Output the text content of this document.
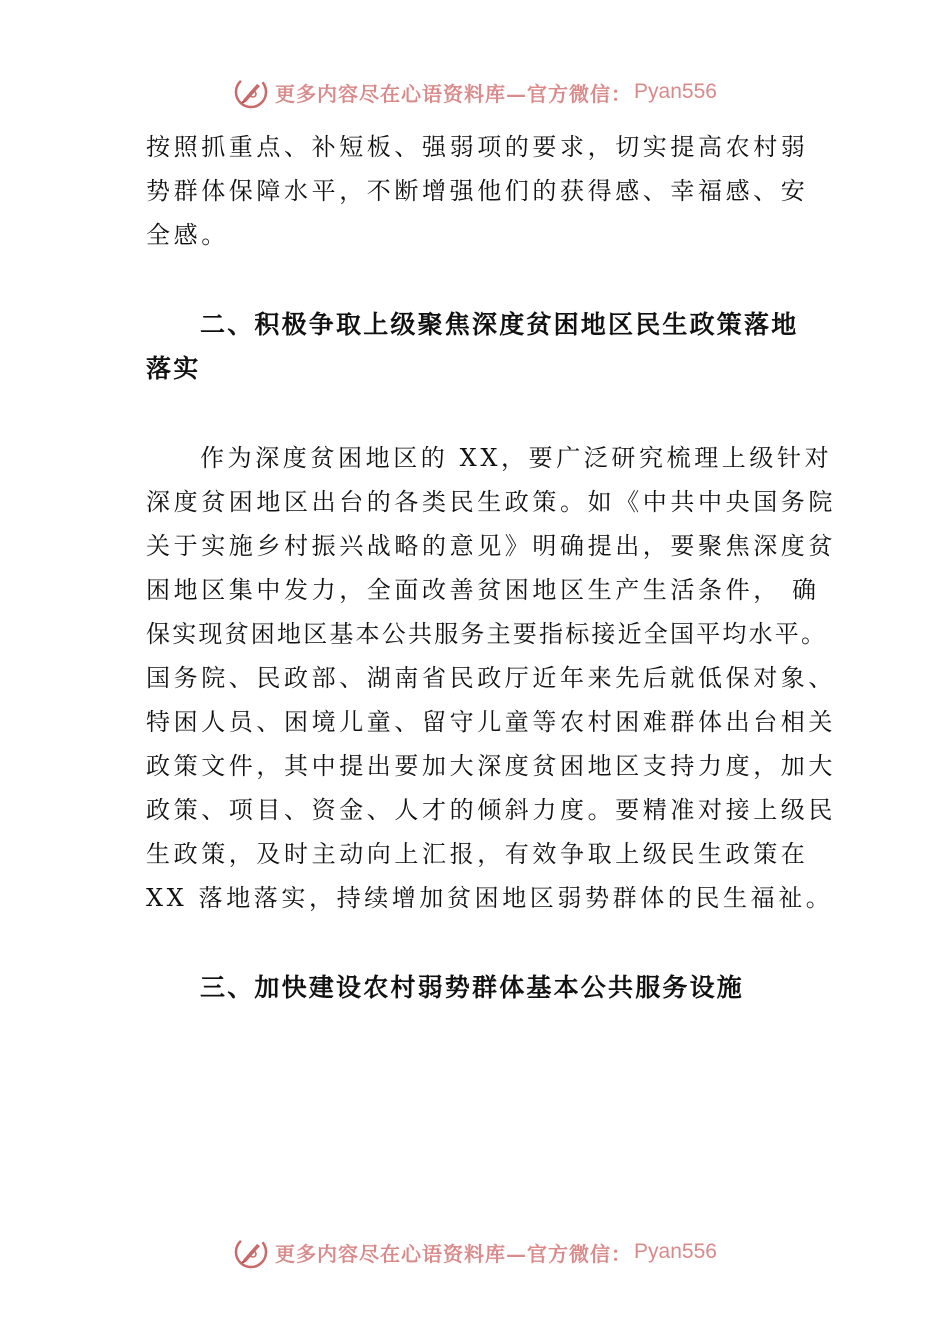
更多内容尽在心语资料库—官方微信： Pyan556
按照抓重点、补短板、强弱项的要求，切实提高农村弱
势群体保障水平，不断增强他们的获得感、幸福感、安
全感。
二、积极争取上级聚焦深度贫困地区民生政策落地
落实
作为深度贫困地区的 XX，要广泛研究梳理上级针对
深度贫困地区出台的各类民生政策。如《中共中央国务院
关于实施乡村振兴战略的意见》明确提出，要聚焦深度贫
困地区集中发力，全面改善贫困地区生产生活条件， 确
保实现贫困地区基本公共服务主要指标接近全国平均水平。
国务院、民政部、湖南省民政厅近年来先后就低保对象、
特困人员、困境儿童、留守儿童等农村困难群体出台相关
政策文件，其中提出要加大深度贫困地区支持力度，加大
政策、项目、资金、人才的倾斜力度。要精准对接上级民
生政策，及时主动向上汇报，有效争取上级民生政策在
XX 落地落实，持续增加贫困地区弱势群体的民生福祉。
三、加快建设农村弱势群体基本公共服务设施
更多内容尽在心语资料库—官方微信： Pyan556
